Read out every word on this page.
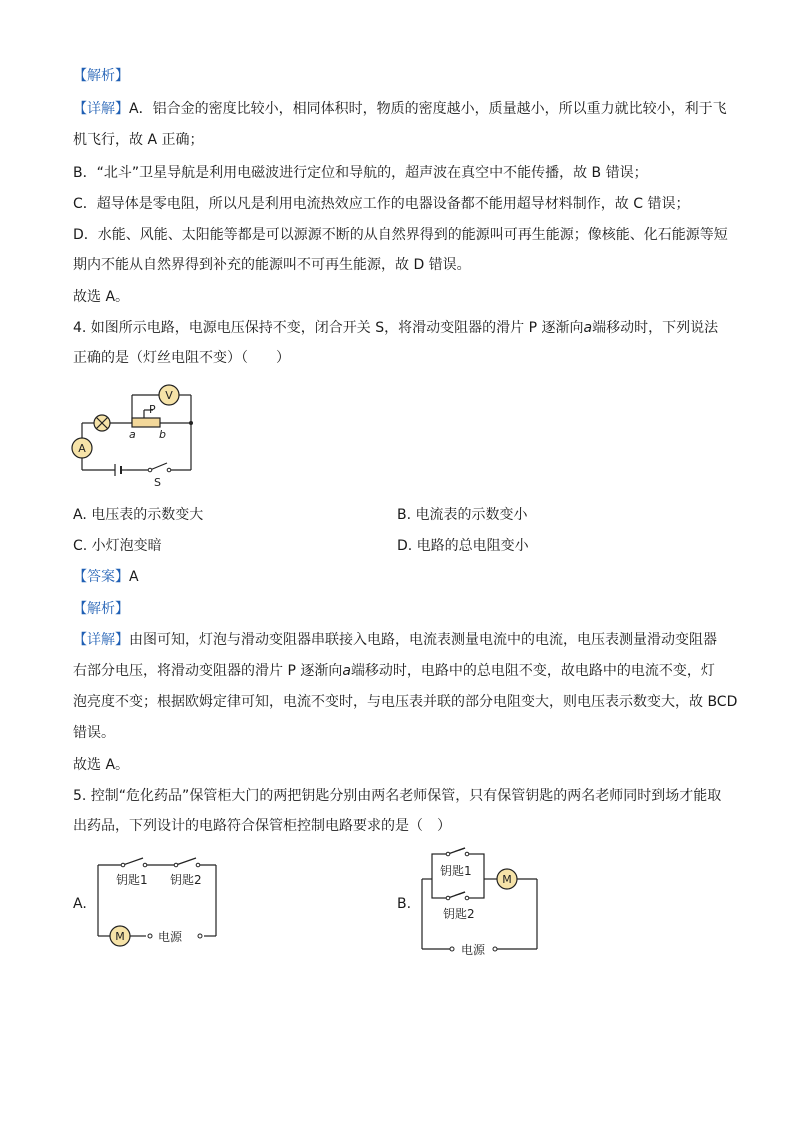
【解析】
【详解】A．铝合金的密度比较小，相同体积时，物质的密度越小，质量越小，所以重力就比较小，利于飞
机飞行，故 A 正确；
B．“北斗”卫星导航是利用电磁波进行定位和导航的，超声波在真空中不能传播，故 B 错误；
C．超导体是零电阻，所以凡是利用电流热效应工作的电器设备都不能用超导材料制作，故 C 错误；
D．水能、风能、太阳能等都是可以源源不断的从自然界得到的能源叫可再生能源；像核能、化石能源等短
期内不能从自然界得到补充的能源叫不可再生能源，故 D 错误。
故选 A。
4. 如图所示电路，电源电压保持不变，闭合开关 S，将滑动变阻器的滑片 P 逐渐向a端移动时，下列说法
正确的是（灯丝电阻不变）（　　）
A
V
P
a b
S
A. 电压表的示数变大	B. 电流表的示数变小
C. 小灯泡变暗	D. 电路的总电阻变小
【答案】A
【解析】
【详解】由图可知，灯泡与滑动变阻器串联接入电路，电流表测量电流中的电流，电压表测量滑动变阻器
右部分电压，将滑动变阻器的滑片 P 逐渐向a端移动时，电路中的总电阻不变，故电路中的电流不变，灯
泡亮度不变；根据欧姆定律可知，电流不变时，与电压表并联的部分电阻变大，则电压表示数变大，故 BCD
错误。
故选 A。
5. 控制“危化药品”保管柜大门的两把钥匙分别由两名老师保管，只有保管钥匙的两名老师同时到场才能取
出药品，下列设计的电路符合保管柜控制电路要求的是（　）
A.
M
钥匙1 钥匙2
电源
B.
钥匙1
钥匙2
M
电源
